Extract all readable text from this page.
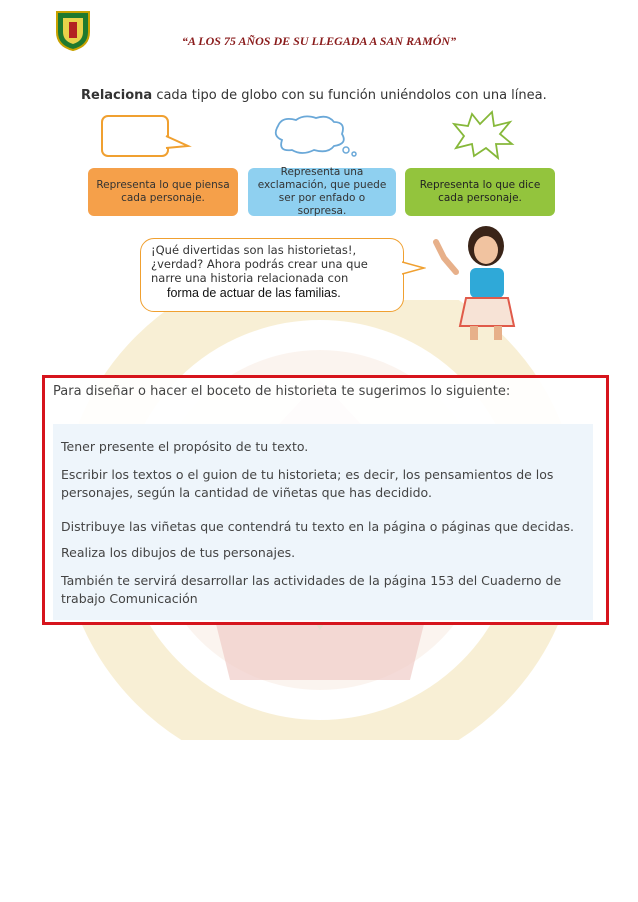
“A LOS 75 AÑOS DE SU LLEGADA A SAN RAMÓN”
Relaciona cada tipo de globo con su función uniéndolos con una línea.
Representa lo que piensa cada personaje.
Representa una exclamación, que puede ser por enfado o sorpresa.
Representa lo que dice cada personaje.
¡Qué divertidas son las historietas!,
¿verdad? Ahora podrás crear una que
narre una historia relacionada con
forma de actuar de las familias.
Para diseñar o hacer el boceto de historieta te sugerimos lo siguiente:
Tener presente el propósito de tu texto.
Escribir los textos o el guion de tu historieta; es decir, los pensamientos de los personajes, según la cantidad de viñetas que has decidido.
Distribuye las viñetas que contendrá tu texto en la página o páginas que decidas.
Realiza los dibujos de tus personajes.
También te servirá desarrollar las actividades de la página 153 del Cuaderno de trabajo Comunicación
